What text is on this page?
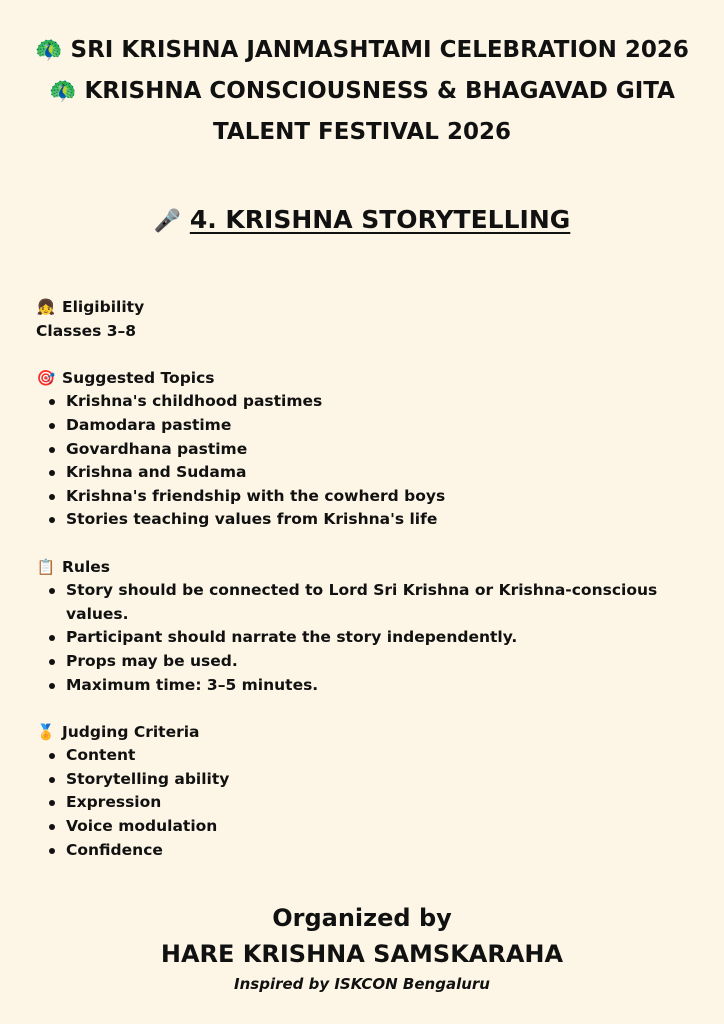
🦚 SRI KRISHNA JANMASHTAMI CELEBRATION 2026
🦚 KRISHNA CONSCIOUSNESS & BHAGAVAD GITA
TALENT FESTIVAL 2026
🎤 4. KRISHNA STORYTELLING
👧 Eligibility
Classes 3–8
🎯 Suggested Topics
Krishna's childhood pastimes
Damodara pastime
Govardhana pastime
Krishna and Sudama
Krishna's friendship with the cowherd boys
Stories teaching values from Krishna's life
📋 Rules
Story should be connected to Lord Sri Krishna or Krishna-conscious values.
Participant should narrate the story independently.
Props may be used.
Maximum time: 3–5 minutes.
🏅 Judging Criteria
Content
Storytelling ability
Expression
Voice modulation
Confidence
Organized by
HARE KRISHNA SAMSKARAHA
Inspired by ISKCON Bengaluru
